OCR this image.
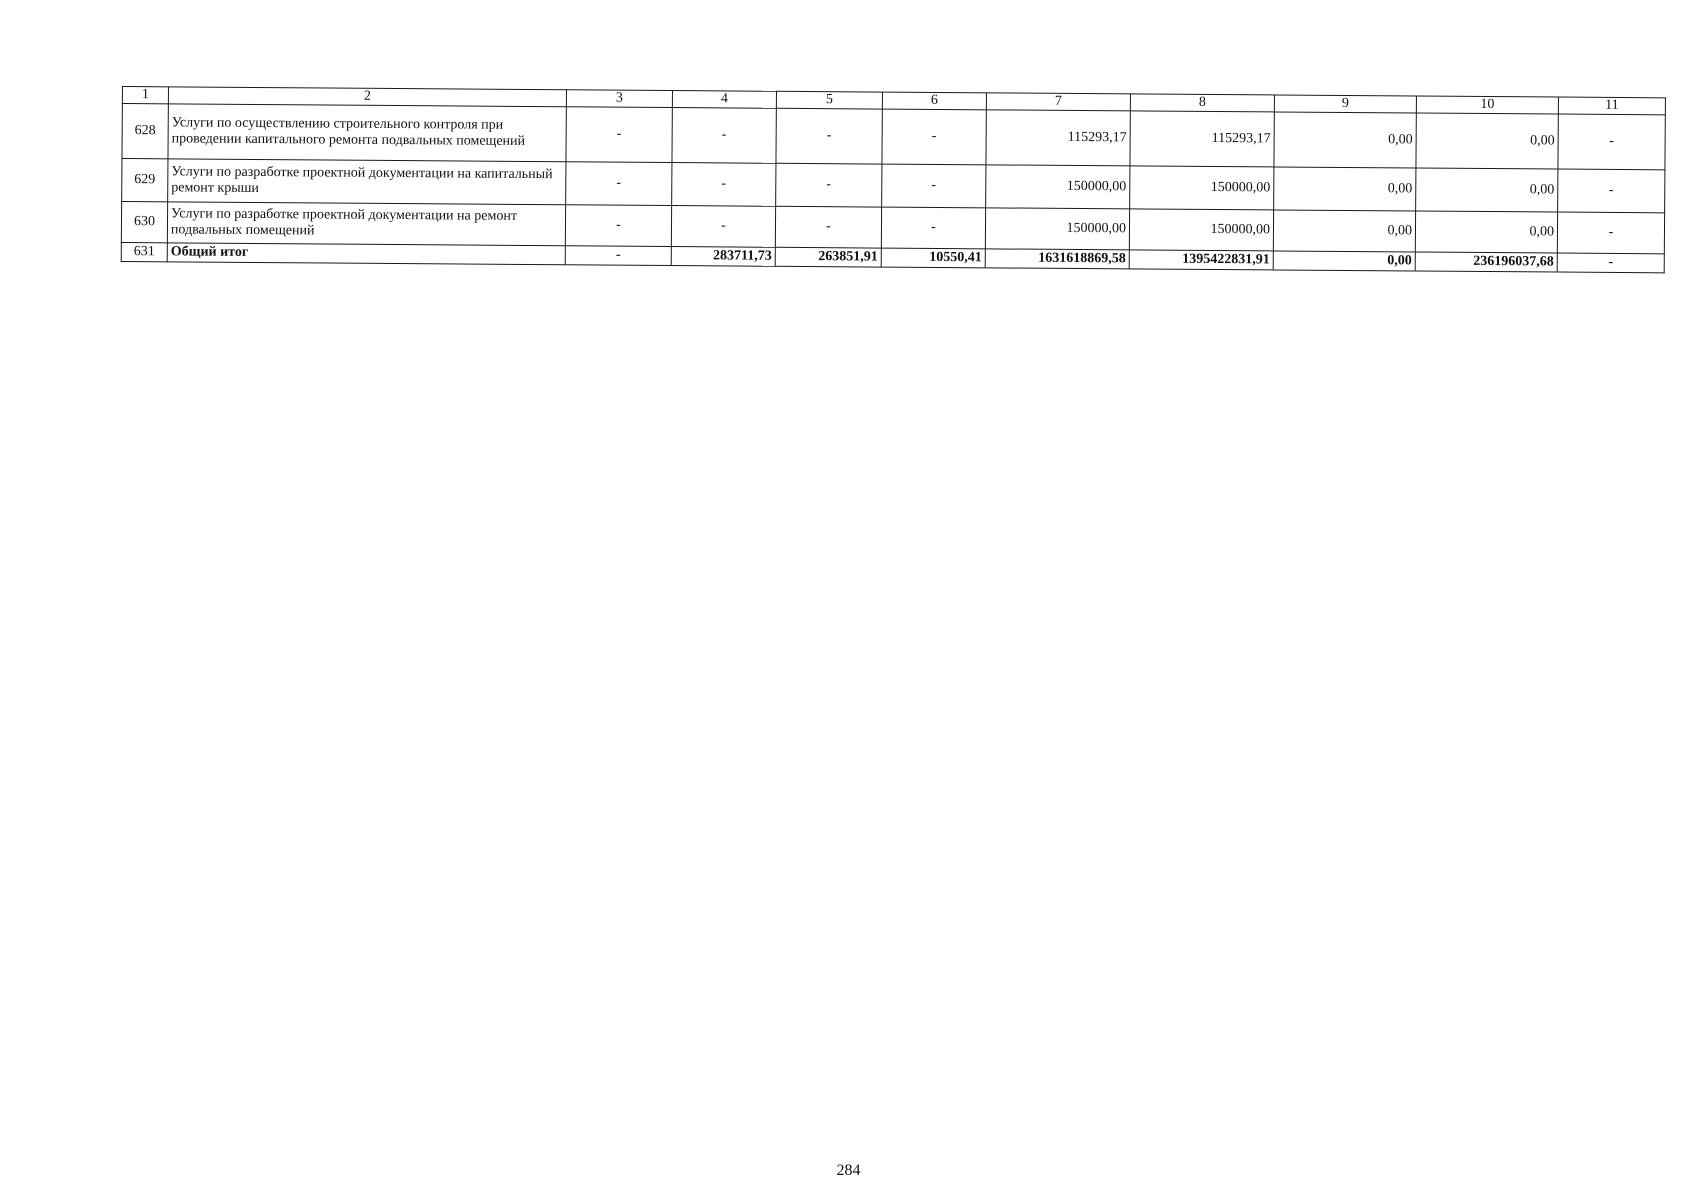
1	2	3	4	5	6	7	8	9	10	11
628	Услуги по осуществлению строительного контроля при проведении капитального ремонта подвальных помещений	-	-	-	-	115293,17	115293,17	0,00	0,00	-
629	Услуги по разработке проектной документации на капитальный ремонт крыши	-	-	-	-	150000,00	150000,00	0,00	0,00	-
630	Услуги по разработке проектной документации на ремонт подвальных помещений	-	-	-	-	150000,00	150000,00	0,00	0,00	-
631	Общий итог	-	283711,73	263851,91	10550,41	1631618869,58	1395422831,91	0,00	236196037,68	-
284
